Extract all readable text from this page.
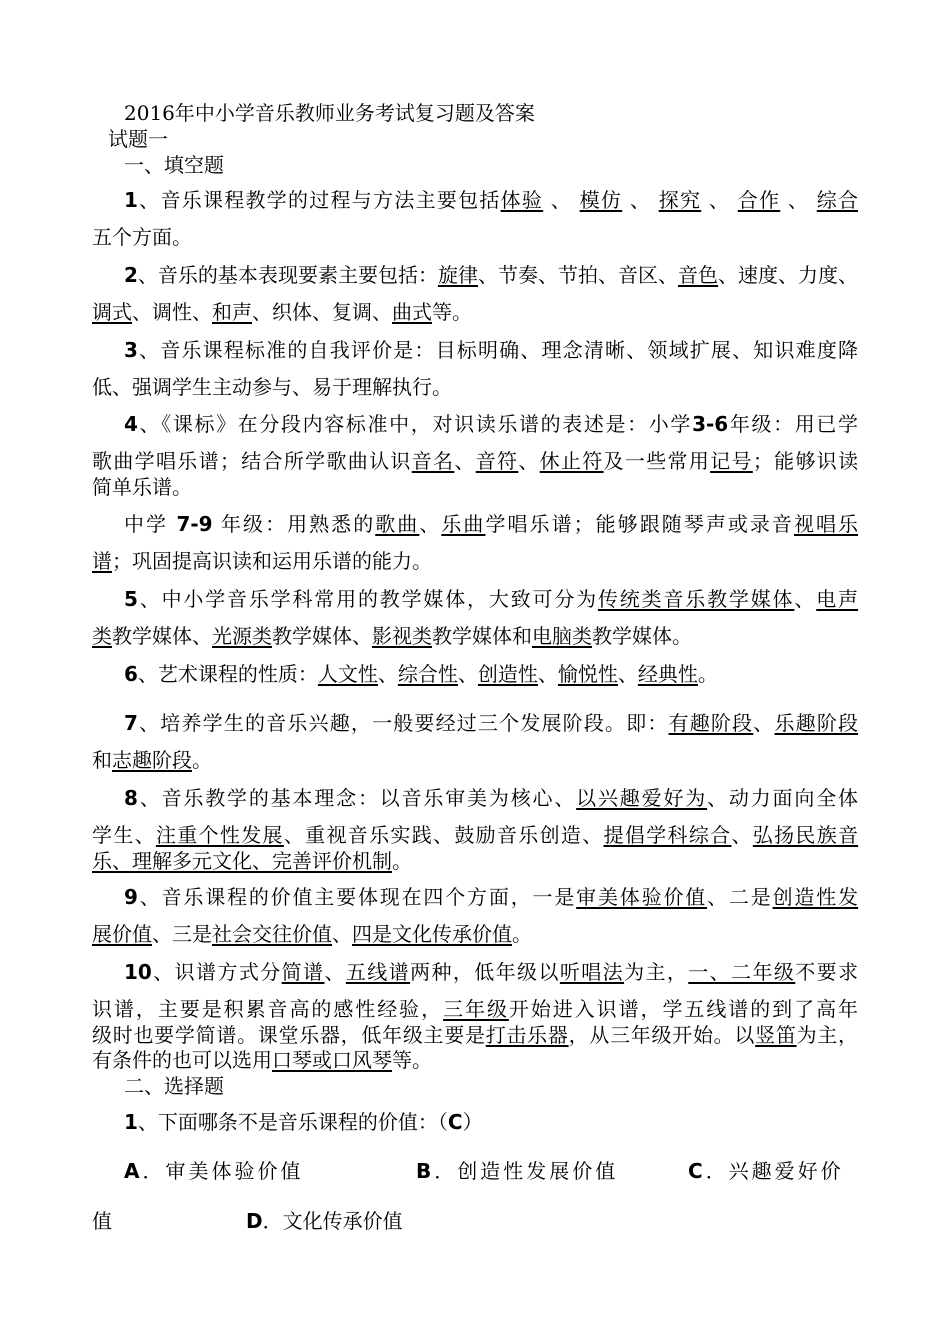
2016年中小学音乐教师业务考试复习题及答案
试题一
一、填空题
1、音乐课程教学的过程与方法主要包括体验 、 模仿 、 探究 、 合作 、 综合
五个方面。
2、音乐的基本表现要素主要包括：旋律、节奏、节拍、音区、音色、速度、力度、
调式、调性、和声、织体、复调、曲式等。
3、音乐课程标准的自我评价是：目标明确、理念清晰、领域扩展、知识难度降
低、强调学生主动参与、易于理解执行。
4、《课标》在分段内容标准中，对识读乐谱的表述是：小学3-6年级：用已学
歌曲学唱乐谱；结合所学歌曲认识音名、音符、休止符及一些常用记号；能够识读
简单乐谱。
中学 7-9 年级：用熟悉的歌曲、乐曲学唱乐谱；能够跟随琴声或录音视唱乐
谱；巩固提高识读和运用乐谱的能力。
5、中小学音乐学科常用的教学媒体，大致可分为传统类音乐教学媒体、电声
类教学媒体、光源类教学媒体、影视类教学媒体和电脑类教学媒体。
6、艺术课程的性质：人文性、综合性、创造性、愉悦性、经典性。
7、培养学生的音乐兴趣，一般要经过三个发展阶段。即：有趣阶段、乐趣阶段
和志趣阶段。
8、音乐教学的基本理念：以音乐审美为核心、以兴趣爱好为、动力面向全体
学生、注重个性发展、重视音乐实践、鼓励音乐创造、提倡学科综合、弘扬民族音
乐、理解多元文化、完善评价机制。
9、音乐课程的价值主要体现在四个方面，一是审美体验价值、二是创造性发
展价值、三是社会交往价值、四是文化传承价值。
10、识谱方式分简谱、五线谱两种，低年级以听唱法为主，一、二年级不要求
识谱，主要是积累音高的感性经验，三年级开始进入识谱，学五线谱的到了高年
级时也要学简谱。课堂乐器，低年级主要是打击乐器，从三年级开始。以竖笛为主，
有条件的也可以选用口琴或口风琴等。
二、选择题
1、下面哪条不是音乐课程的价值：（C）
A．审美体验价值	B．创造性发展价值	C．兴趣爱好价
值	D．文化传承价值
